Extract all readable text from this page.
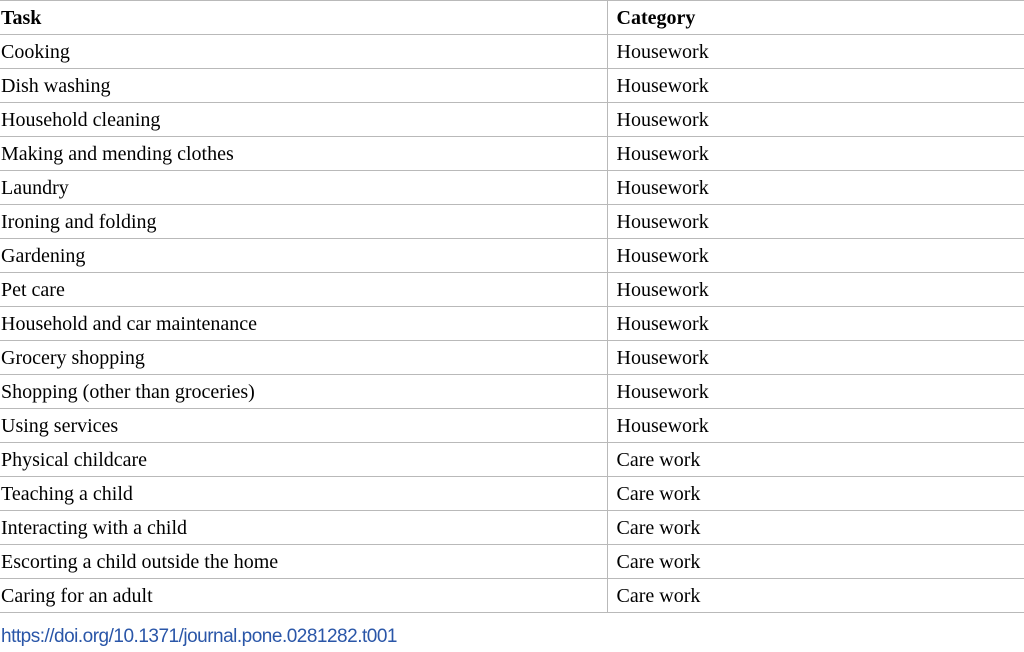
Task	Category
Cooking	Housework
Dish washing	Housework
Household cleaning	Housework
Making and mending clothes	Housework
Laundry	Housework
Ironing and folding	Housework
Gardening	Housework
Pet care	Housework
Household and car maintenance	Housework
Grocery shopping	Housework
Shopping (other than groceries)	Housework
Using services	Housework
Physical childcare	Care work
Teaching a child	Care work
Interacting with a child	Care work
Escorting a child outside the home	Care work
Caring for an adult	Care work
https://doi.org/10.1371/journal.pone.0281282.t001
